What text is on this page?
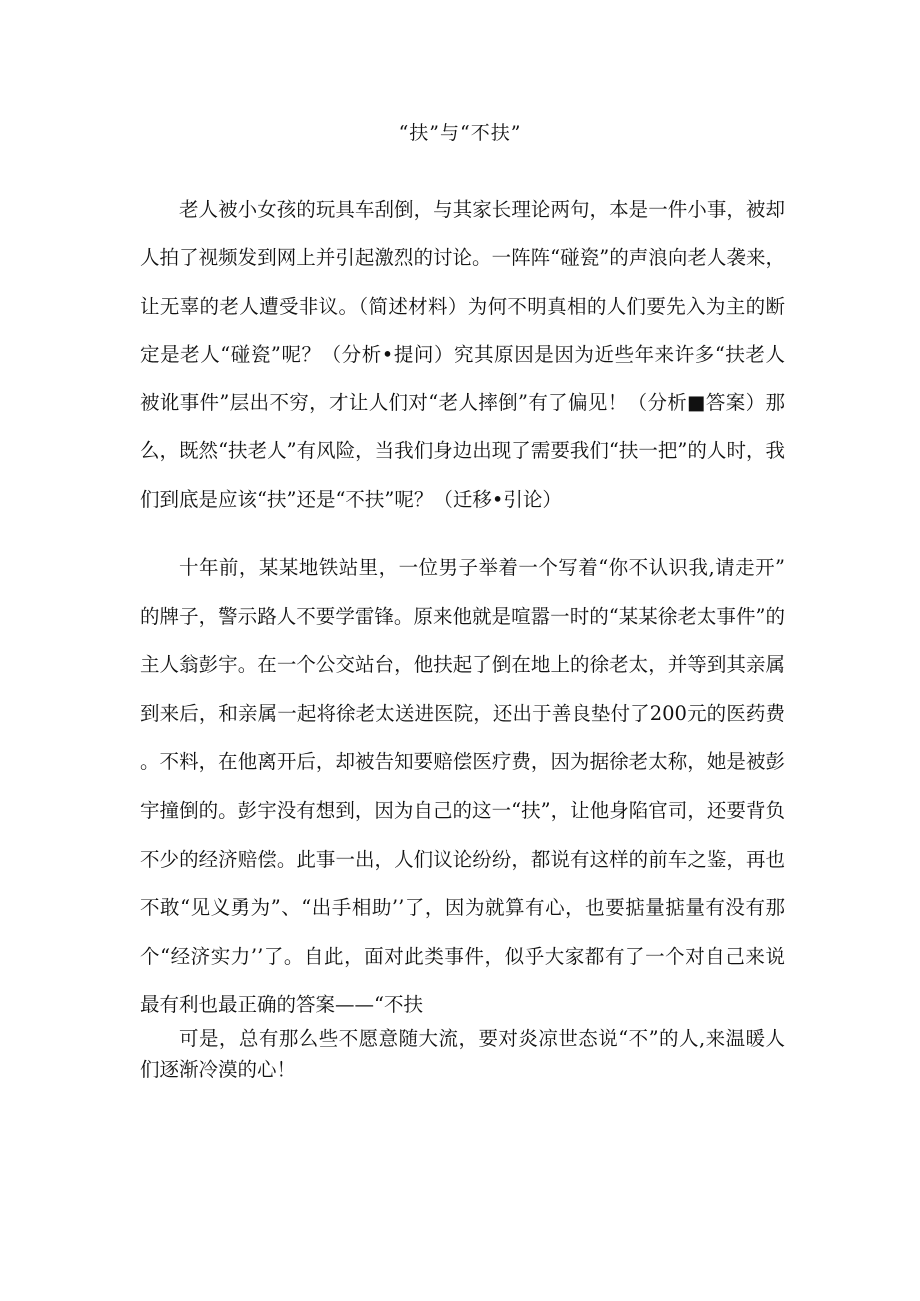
“扶”与“不扶”

老人被小女孩的玩具车刮倒，与其家长理论两句，本是一件小事，被却人拍了视频发到网上并引起激烈的讨论。一阵阵“碰瓷”的声浪向老人袭来，让无辜的老人遭受非议。（简述材料）为何不明真相的人们要先入为主的断定是老人“碰瓷”呢？（分析•提问）究其原因是因为近些年来许多“扶老人被讹事件”层出不穷，才让人们对“老人摔倒”有了偏见！（分析■答案）那么，既然“扶老人”有风险，当我们身边出现了需要我们“扶一把”的人时，我们到底是应该“扶”还是“不扶”呢？（迁移•引论）

十年前，某某地铁站里，一位男子举着一个写着“你不认识我,请走开”的牌子，警示路人不要学雷锋。原来他就是喧嚣一时的“某某徐老太事件”的主人翁彭宇。在一个公交站台，他扶起了倒在地上的徐老太，并等到其亲属到来后，和亲属一起将徐老太送进医院，还出于善良垫付了200元的医药费。不料，在他离开后，却被告知要赔偿医疗费，因为据徐老太称，她是被彭宇撞倒的。彭宇没有想到，因为自己的这一“扶”，让他身陷官司，还要背负不少的经济赔偿。此事一出，人们议论纷纷，都说有这样的前车之鉴，再也不敢“见义勇为”、“出手相助’’了，因为就算有心，也要掂量掂量有没有那个“经济实力’’了。自此，面对此类事件，似乎大家都有了一个对自己来说最有利也最正确的答案——“不扶

可是，总有那么些不愿意随大流，要对炎凉世态说“不”的人,来温暖人们逐渐冷漠的心！
